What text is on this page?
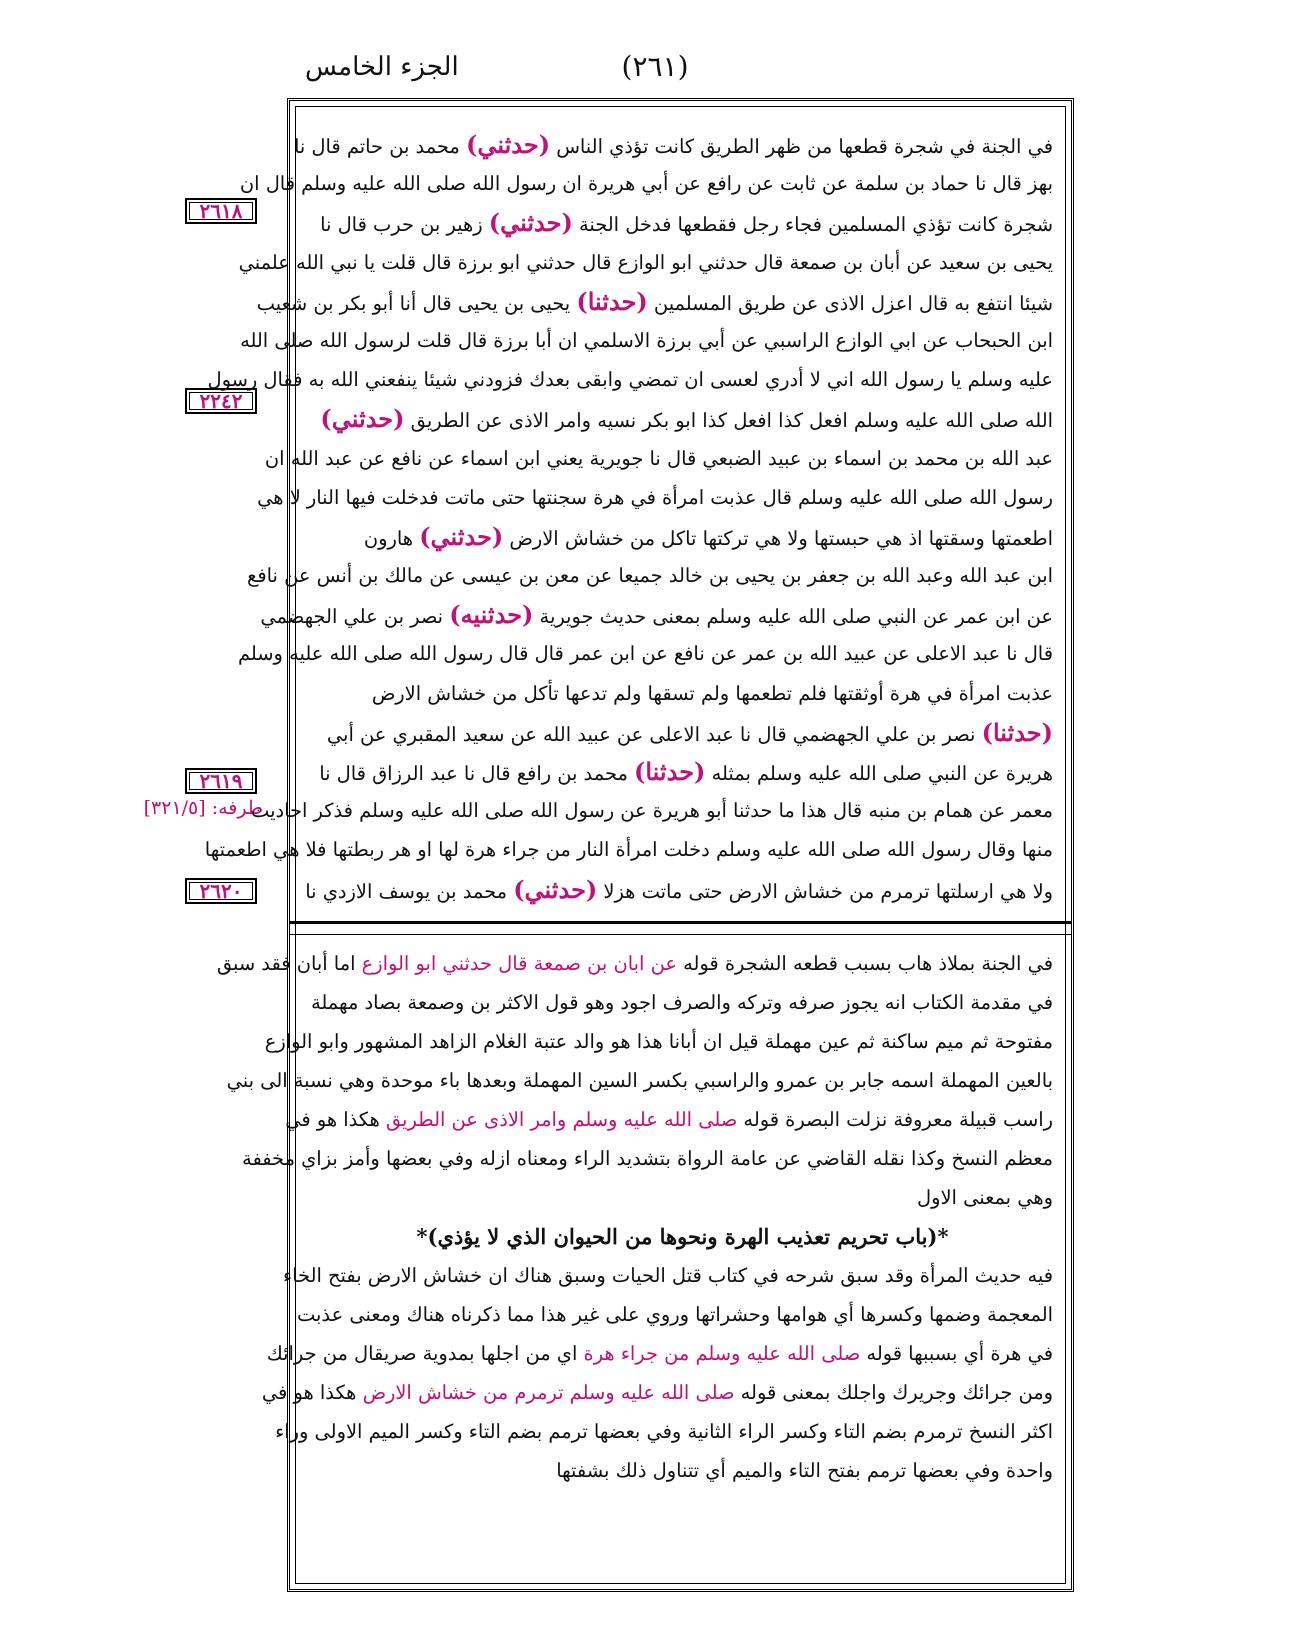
الجزء الخامس	(٢٦١)
٢٦١٨
٢٢٤٢
٢٦١٩
طرفه: [٣٢١/٥]
٢٦٢٠
في الجنة في شجرة قطعها من ظهر الطريق كانت تؤذي الناس (حدثني) محمد بن حاتم قال نا
بهز قال نا حماد بن سلمة عن ثابت عن رافع عن أبي هريرة ان رسول الله صلى الله عليه وسلم قال ان
شجرة كانت تؤذي المسلمين فجاء رجل فقطعها فدخل الجنة (حدثني) زهير بن حرب قال نا
يحيى بن سعيد عن أبان بن صمعة قال حدثني ابو الوازع قال حدثني ابو برزة قال قلت يا نبي الله علمني
شيئا انتفع به قال اعزل الاذى عن طريق المسلمين (حدثنا) يحيى بن يحيى قال أنا أبو بكر بن شعيب
ابن الحبحاب عن ابي الوازع الراسبي عن أبي برزة الاسلمي ان أبا برزة قال قلت لرسول الله صلى الله
عليه وسلم يا رسول الله اني لا أدري لعسى ان تمضي وابقى بعدك فزودني شيئا ينفعني الله به فقال رسول
الله صلى الله عليه وسلم افعل كذا افعل كذا ابو بكر نسيه وامر الاذى عن الطريق (حدثني)
عبد الله بن محمد بن اسماء بن عبيد الضبعي قال نا جويرية يعني ابن اسماء عن نافع عن عبد الله ان
رسول الله صلى الله عليه وسلم قال عذبت امرأة في هرة سجنتها حتى ماتت فدخلت فيها النار لا هي
اطعمتها وسقتها اذ هي حبستها ولا هي تركتها تاكل من خشاش الارض (حدثني) هارون
ابن عبد الله وعبد الله بن جعفر بن يحيى بن خالد جميعا عن معن بن عيسى عن مالك بن أنس عن نافع
عن ابن عمر عن النبي صلى الله عليه وسلم بمعنى حديث جويرية (حدثنيه) نصر بن علي الجهضمي
قال نا عبد الاعلى عن عبيد الله بن عمر عن نافع عن ابن عمر قال قال رسول الله صلى الله عليه وسلم
عذبت امرأة في هرة أوثقتها فلم تطعمها ولم تسقها ولم تدعها تأكل من خشاش الارض
(حدثنا) نصر بن علي الجهضمي قال نا عبد الاعلى عن عبيد الله عن سعيد المقبري عن أبي
هريرة عن النبي صلى الله عليه وسلم بمثله (حدثنا) محمد بن رافع قال نا عبد الرزاق قال نا
معمر عن همام بن منبه قال هذا ما حدثنا أبو هريرة عن رسول الله صلى الله عليه وسلم فذكر احاديث
منها وقال رسول الله صلى الله عليه وسلم دخلت امرأة النار من جراء هرة لها او هر ربطتها فلا هي اطعمتها
ولا هي ارسلتها ترمرم من خشاش الارض حتى ماتت هزلا (حدثني) محمد بن يوسف الازدي نا
في الجنة بملاذ هاب بسبب قطعه الشجرة قوله عن ابان بن صمعة قال حدثني ابو الوازع اما أبان فقد سبق
في مقدمة الكتاب انه يجوز صرفه وتركه والصرف اجود وهو قول الاكثر بن وصمعة بصاد مهملة
مفتوحة ثم ميم ساكنة ثم عين مهملة قيل ان أبانا هذا هو والد عتبة الغلام الزاهد المشهور وابو الوازع
بالعين المهملة اسمه جابر بن عمرو والراسبي بكسر السين المهملة وبعدها باء موحدة وهي نسبة الى بني
راسب قبيلة معروفة نزلت البصرة قوله صلى الله عليه وسلم وامر الاذى عن الطريق هكذا هو في
معظم النسخ وكذا نقله القاضي عن عامة الرواة بتشديد الراء ومعناه ازله وفي بعضها وأمز بزاي مخففة
وهي بمعنى الاول
*(باب تحريم تعذيب الهرة ونحوها من الحيوان الذي لا يؤذي)*
فيه حديث المرأة وقد سبق شرحه في كتاب قتل الحيات وسبق هناك ان خشاش الارض بفتح الخاء
المعجمة وضمها وكسرها أي هوامها وحشراتها وروي على غير هذا مما ذكرناه هناك ومعنى عذبت
في هرة أي بسببها قوله صلى الله عليه وسلم من جراء هرة اي من اجلها بمدوية صريقال من جرائك
ومن جرائك وجريرك واجلك بمعنى قوله صلى الله عليه وسلم ترمرم من خشاش الارض هكذا هو في
اكثر النسخ ترمرم بضم التاء وكسر الراء الثانية وفي بعضها ترمم بضم التاء وكسر الميم الاولى وراء
واحدة وفي بعضها ترمم بفتح التاء والميم أي تتناول ذلك بشفتها
